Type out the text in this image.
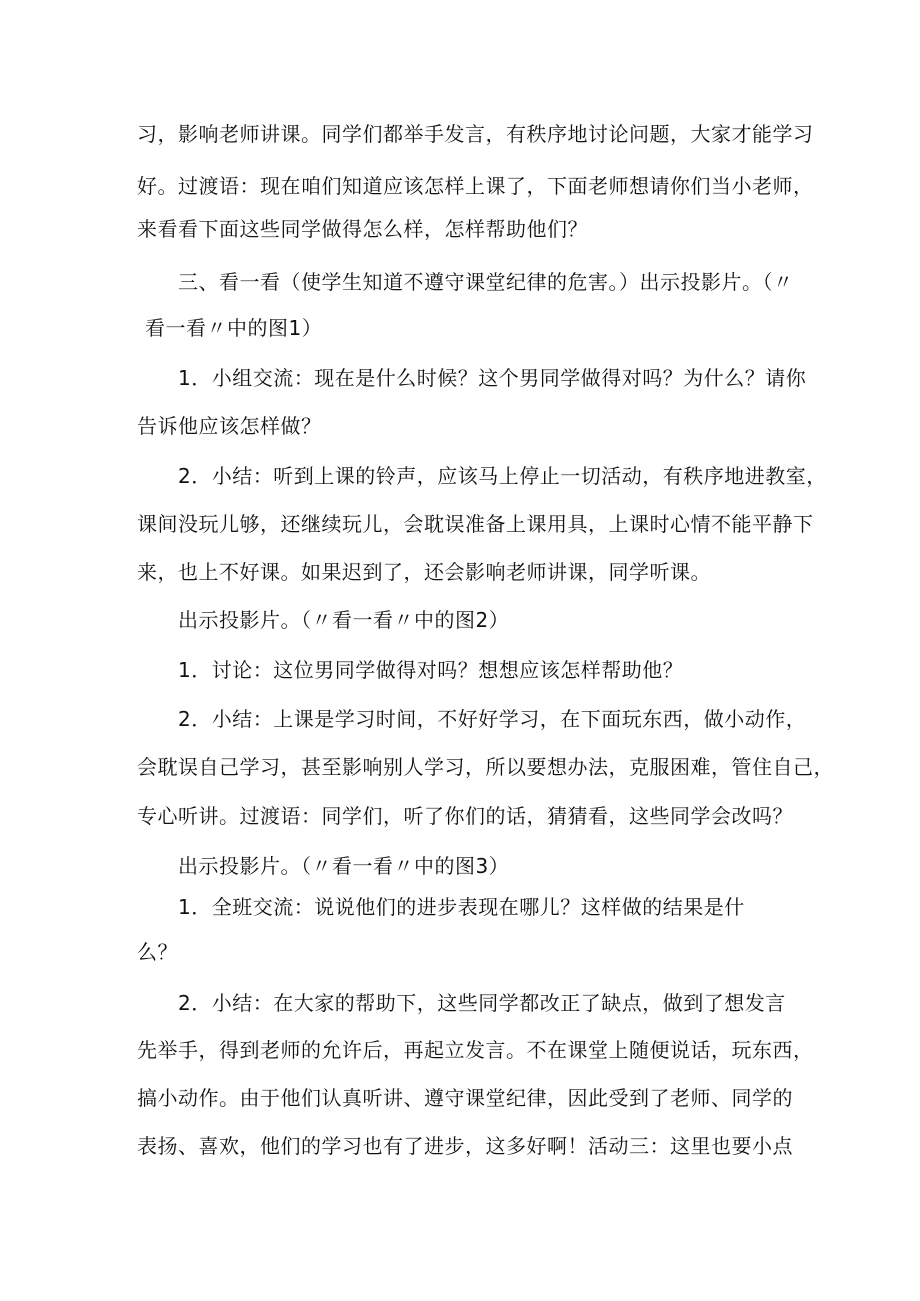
习，影响老师讲课。同学们都举手发言，有秩序地讨论问题，大家才能学习
好。过渡语：现在咱们知道应该怎样上课了，下面老师想请你们当小老师，
来看看下面这些同学做得怎么样，怎样帮助他们？
三、看一看（使学生知道不遵守课堂纪律的危害。）出示投影片。（〃
看一看〃中的图1）
1．小组交流：现在是什么时候？这个男同学做得对吗？为什么？请你
告诉他应该怎样做？
2．小结：听到上课的铃声，应该马上停止一切活动，有秩序地进教室，
课间没玩儿够，还继续玩儿，会耽误准备上课用具，上课时心情不能平静下
来，也上不好课。如果迟到了，还会影响老师讲课，同学听课。
出示投影片。（〃看一看〃中的图2）
1．讨论：这位男同学做得对吗？想想应该怎样帮助他？
2．小结：上课是学习时间，不好好学习，在下面玩东西，做小动作，
会耽误自己学习，甚至影响别人学习，所以要想办法，克服困难，管住自己，
专心听讲。过渡语：同学们，听了你们的话，猜猜看，这些同学会改吗？
出示投影片。（〃看一看〃中的图3）
1．全班交流：说说他们的进步表现在哪儿？这样做的结果是什
么？
2．小结：在大家的帮助下，这些同学都改正了缺点，做到了想发言
先举手，得到老师的允许后，再起立发言。不在课堂上随便说话，玩东西，
搞小动作。由于他们认真听讲、遵守课堂纪律，因此受到了老师、同学的
表扬、喜欢，他们的学习也有了进步，这多好啊！活动三：这里也要小点
